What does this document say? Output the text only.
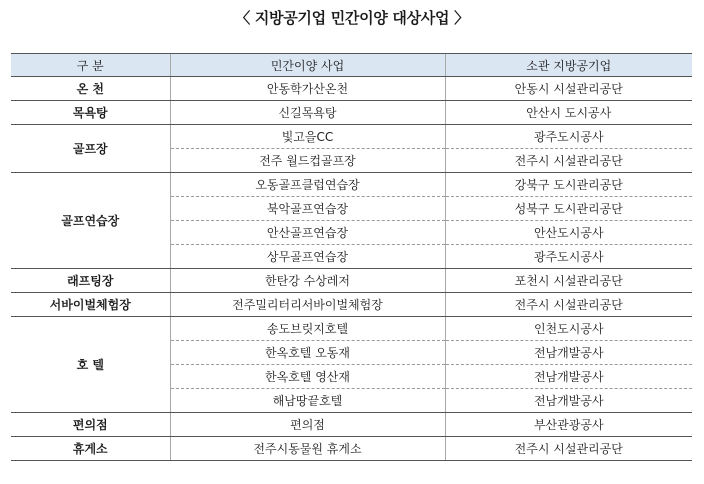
〈 지방공기업 민간이양 대상사업 〉
구 분	민간이양 사업	소관 지방공기업
온 천	안동학가산온천	안동시 시설관리공단
목욕탕	신길목욕탕	안산시 도시공사
골프장	빛고을CC	광주도시공사
	전주 월드컵골프장	전주시 시설관리공단
골프연습장	오동골프클럽연습장	강북구 도시관리공단
	북악골프연습장	성북구 도시관리공단
	안산골프연습장	안산도시공사
	상무골프연습장	광주도시공사
래프팅장	한탄강 수상레저	포천시 시설관리공단
서바이벌체험장	전주밀리터리서바이벌체험장	전주시 시설관리공단
호 텔	송도브릿지호텔	인천도시공사
	한옥호텔 오동재	전남개발공사
	한옥호텔 영산재	전남개발공사
	해남땅끝호텔	전남개발공사
편의점	편의점	부산관광공사
휴게소	전주시동물원 휴게소	전주시 시설관리공단
